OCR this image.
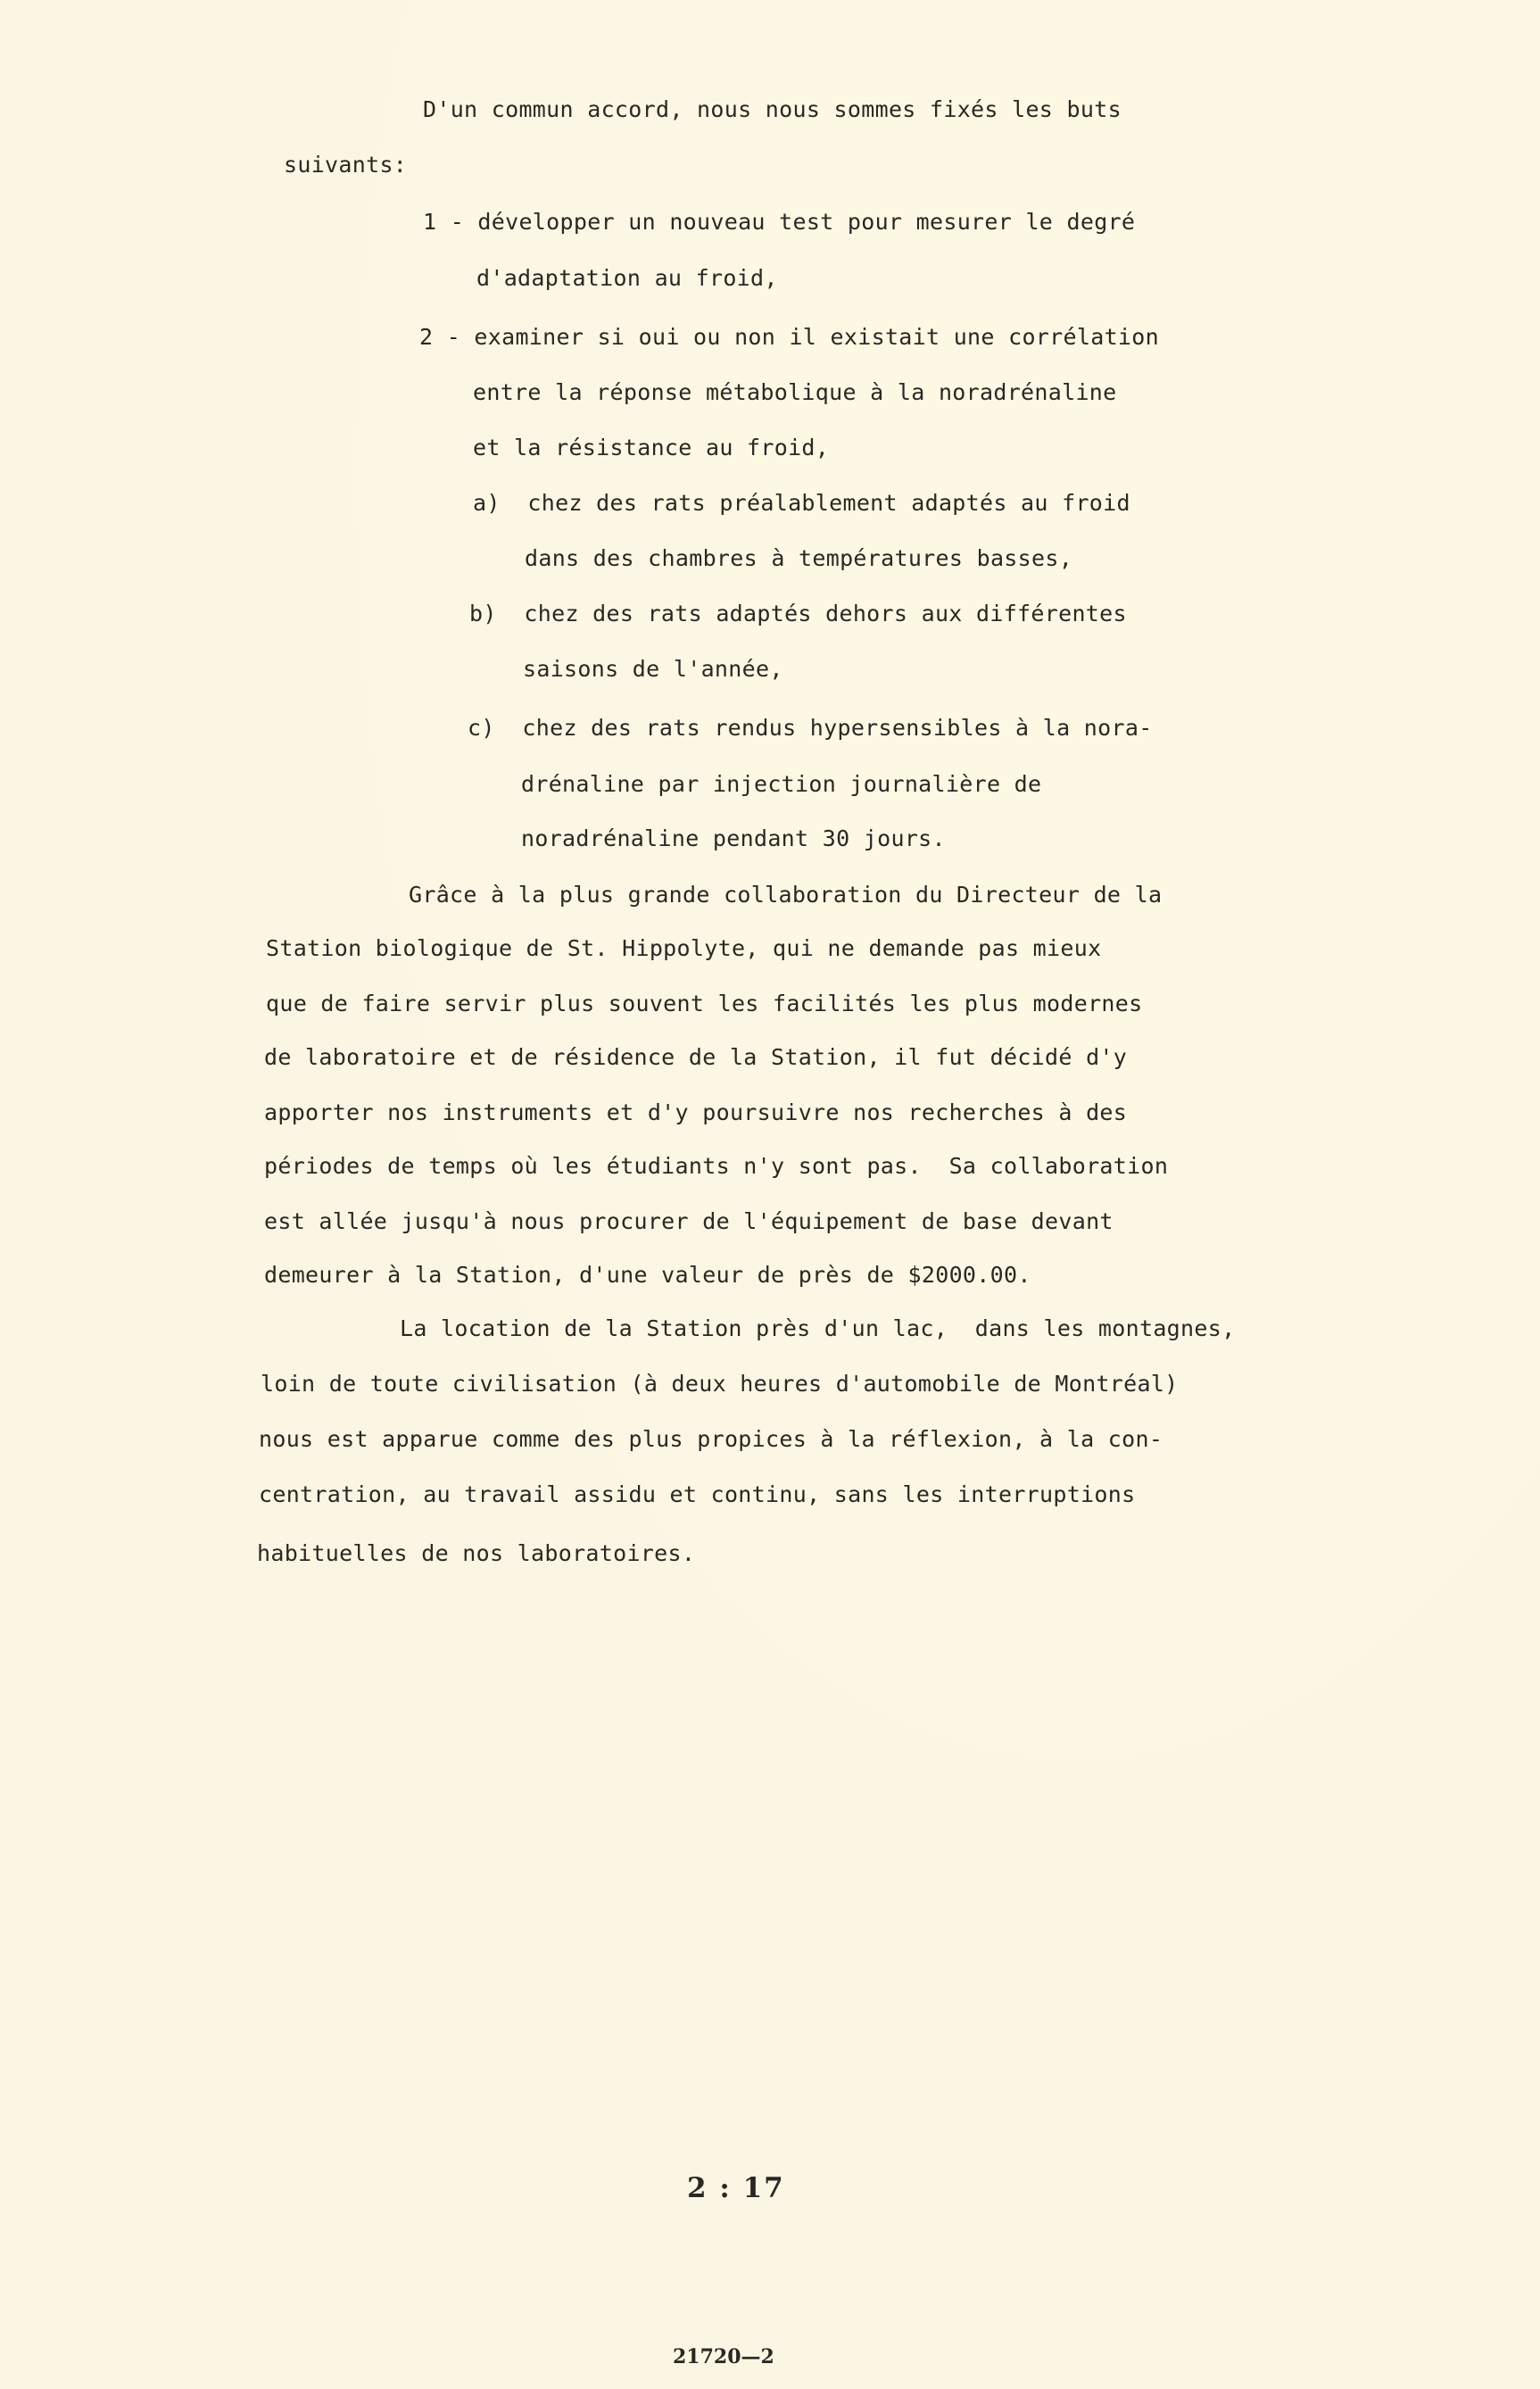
D'un commun accord, nous nous sommes fixés les buts
suivants:
1 - développer un nouveau test pour mesurer le degré
d'adaptation au froid,
2 - examiner si oui ou non il existait une corrélation
entre la réponse métabolique à la noradrénaline
et la résistance au froid,
a)  chez des rats préalablement adaptés au froid
dans des chambres à températures basses,
b)  chez des rats adaptés dehors aux différentes
saisons de l'année,
c)  chez des rats rendus hypersensibles à la nora-
drénaline par injection journalière de
noradrénaline pendant 30 jours.
Grâce à la plus grande collaboration du Directeur de la
Station biologique de St. Hippolyte, qui ne demande pas mieux
que de faire servir plus souvent les facilités les plus modernes
de laboratoire et de résidence de la Station, il fut décidé d'y
apporter nos instruments et d'y poursuivre nos recherches à des
périodes de temps où les étudiants n'y sont pas.  Sa collaboration
est allée jusqu'à nous procurer de l'équipement de base devant
demeurer à la Station, d'une valeur de près de $2000.00.
La location de la Station près d'un lac,  dans les montagnes,
loin de toute civilisation (à deux heures d'automobile de Montréal)
nous est apparue comme des plus propices à la réflexion, à la con-
centration, au travail assidu et continu, sans les interruptions
habituelles de nos laboratoires.
2 : 17
21720—2
